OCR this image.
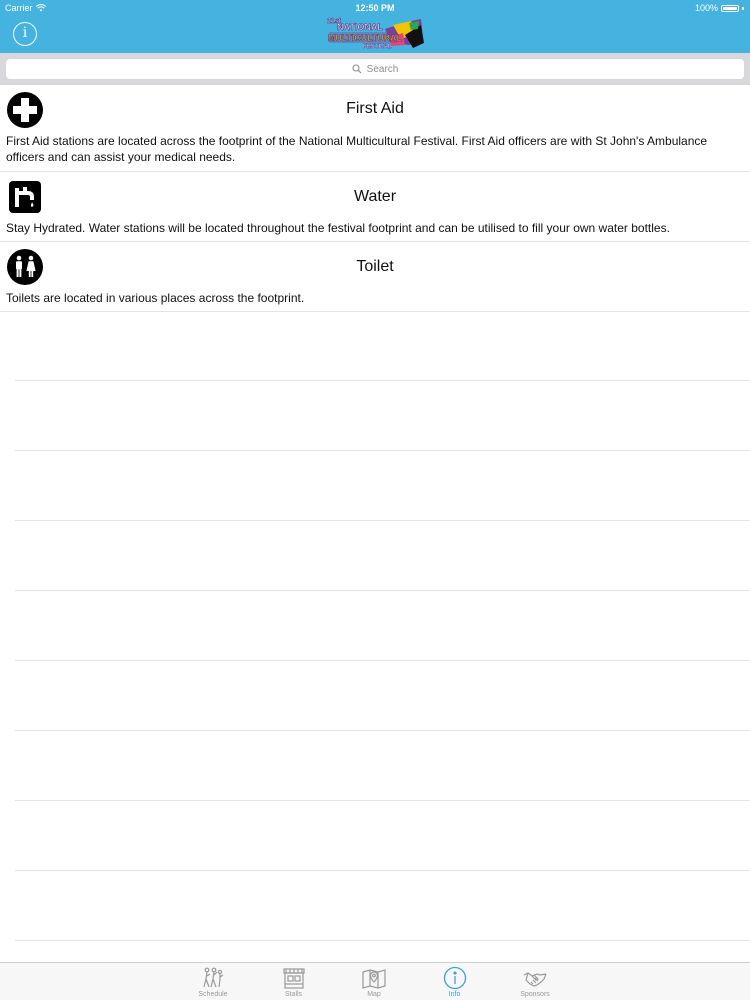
Carrier	12:50 PM	100%
i
21st
NATIONAL
MULTICULTURAL
FESTIVAL
Search
First Aid
First Aid stations are located across the footprint of the National Multicultural Festival. First Aid officers are with St John's Ambulance officers and can assist your medical needs.
Water
Stay Hydrated. Water stations will be located throughout the festival footprint and can be utilised to fill your own water bottles.
Toilet
Toilets are located in various places across the footprint.
Schedule	Stalls	Map	Info	Sponsors
